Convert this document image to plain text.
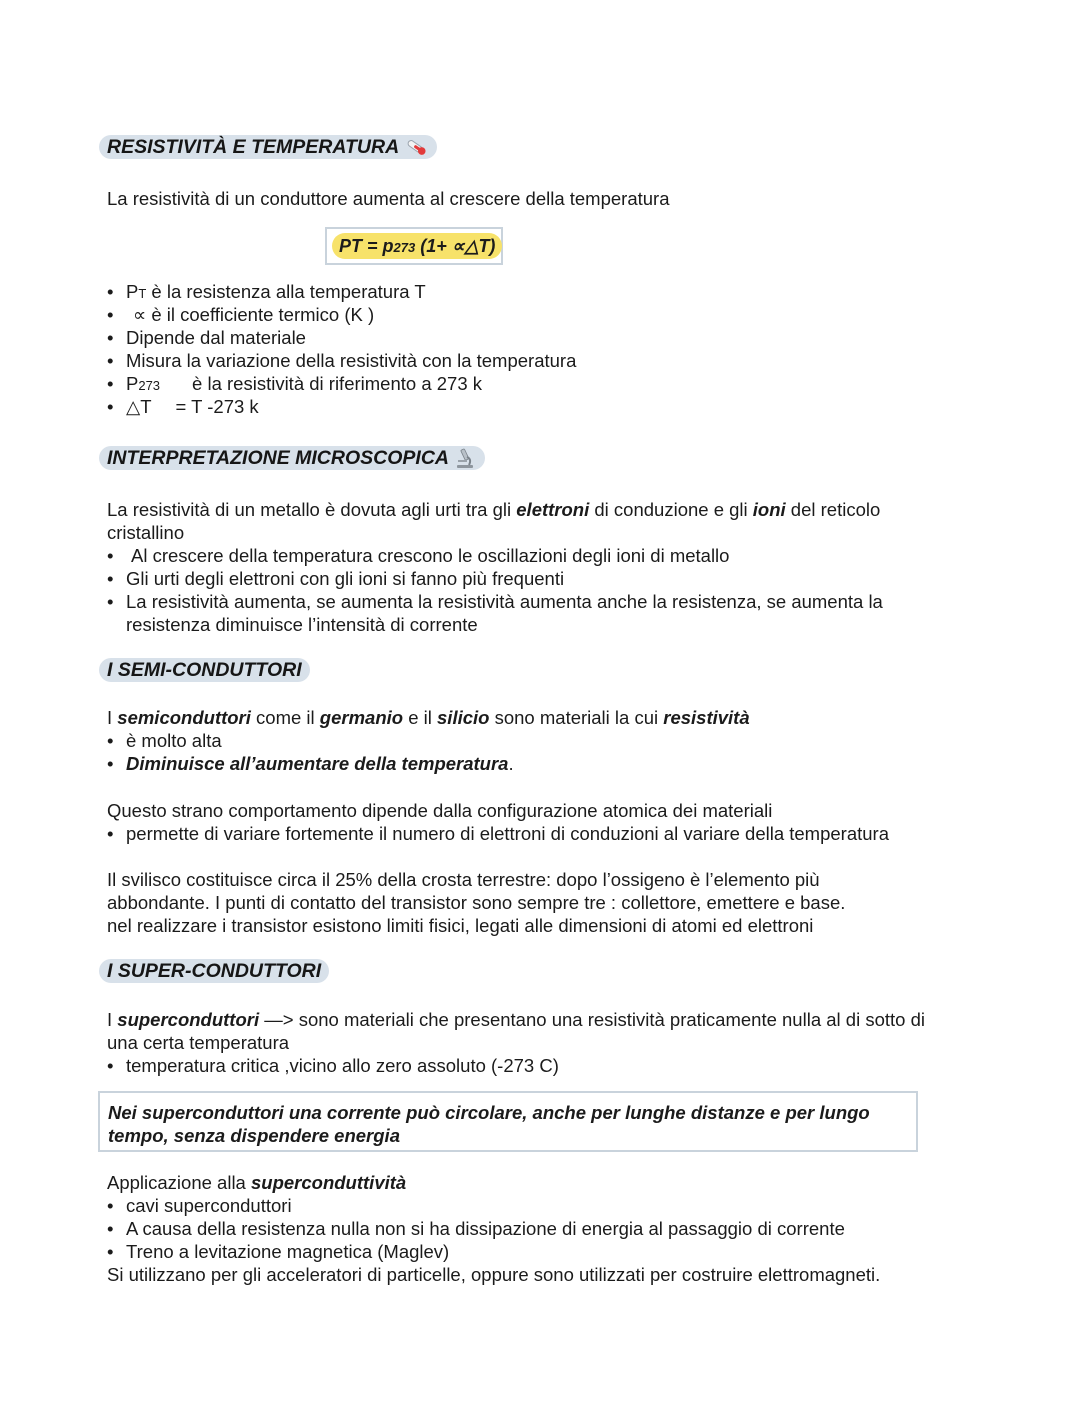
RESISTIVITÀ E TEMPERATURA
La resistività di un conduttore aumenta al crescere della temperatura
PT = p273 (1+ ∝△T)
• PT è la resistenza alla temperatura T
• ∝ è il coefficiente termico (K )
• Dipende dal materiale
• Misura la variazione della resistività con la temperatura
• P273 è la resistività di riferimento a 273 k
• △T = T -273 k
INTERPRETAZIONE MICROSCOPICA
La resistività di un metallo è dovuta agli urti tra gli elettroni di conduzione e gli ioni del reticolo
cristallino
• Al crescere della temperatura crescono le oscillazioni degli ioni di metallo
• Gli urti degli elettroni con gli ioni si fanno più frequenti
• La resistività aumenta, se aumenta la resistività aumenta anche la resistenza, se aumenta la
resistenza diminuisce l’intensità di corrente
I SEMI-CONDUTTORI
I semiconduttori come il germanio e il silicio sono materiali la cui resistività
• è molto alta
• Diminuisce all’aumentare della temperatura.
Questo strano comportamento dipende dalla configurazione atomica dei materiali
• permette di variare fortemente il numero di elettroni di conduzioni al variare della temperatura
Il svilisco costituisce circa il 25% della crosta terrestre: dopo l’ossigeno è l’elemento più
abbondante. I punti di contatto del transistor sono sempre tre : collettore, emettere e base.
nel realizzare i transistor esistono limiti fisici, legati alle dimensioni di atomi ed elettroni
I SUPER-CONDUTTORI
I superconduttori —> sono materiali che presentano una resistività praticamente nulla al di sotto di
una certa temperatura
• temperatura critica ,vicino allo zero assoluto (-273 C)
Nei superconduttori una corrente può circolare, anche per lunghe distanze e per lungo
tempo, senza dispendere energia
Applicazione alla superconduttività
• cavi superconduttori
• A causa della resistenza nulla non si ha dissipazione di energia al passaggio di corrente
• Treno a levitazione magnetica (Maglev)
Si utilizzano per gli acceleratori di particelle, oppure sono utilizzati per costruire elettromagneti.
